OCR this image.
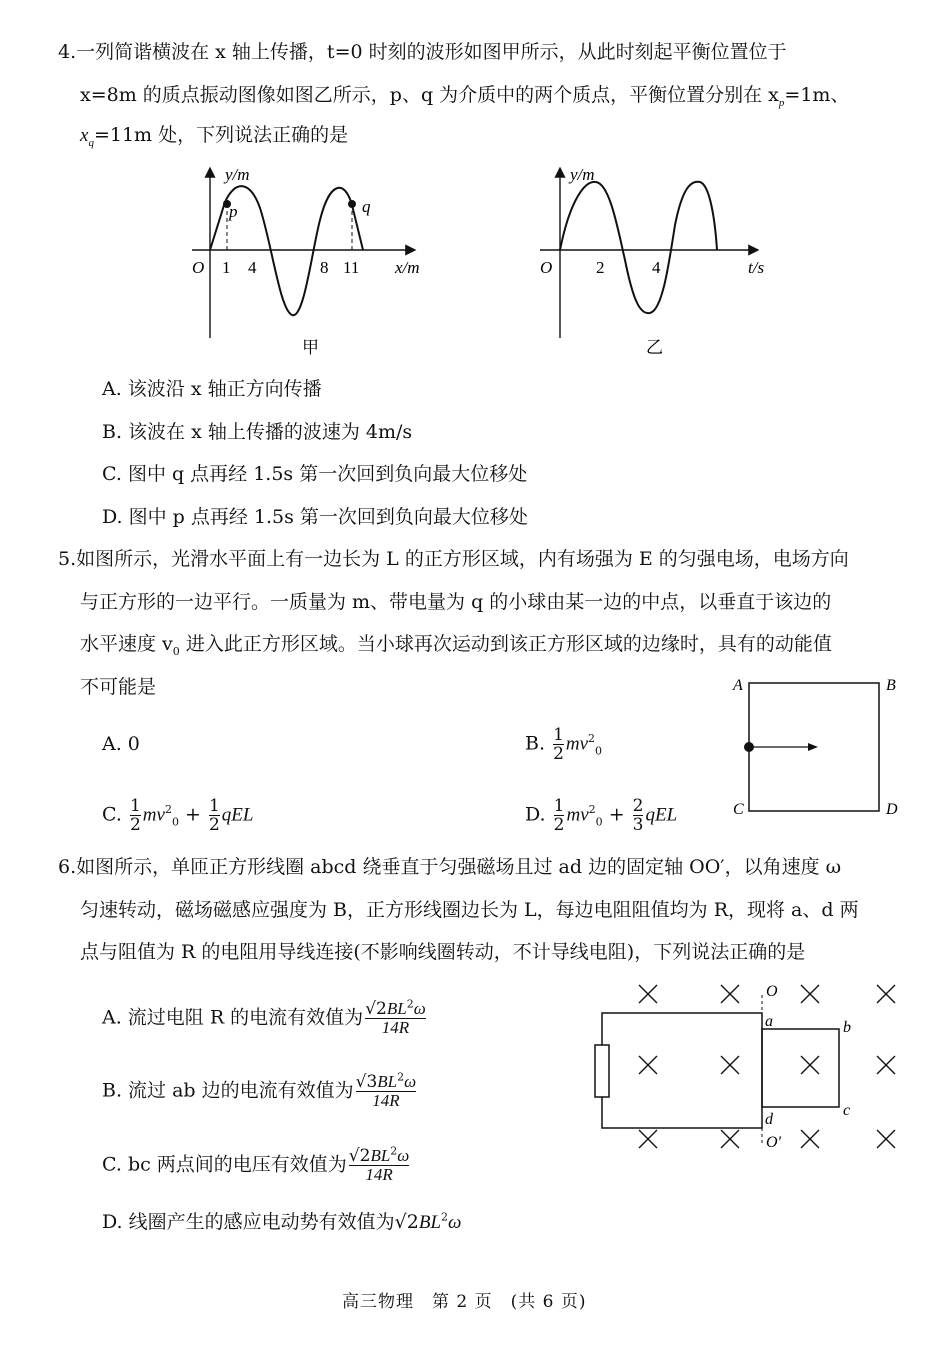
4.一列简谐横波在 x 轴上传播，t=0 时刻的波形如图甲所示，从此时刻起平衡位置位于
x=8m 的质点振动图像如图乙所示，p、q 为介质中的两个质点，平衡位置分别在 $x_p=1m$、
$x_q=11m$ 处，下列说法正确的是
y/m
x/m
O 1 4	8 11
p	q
甲
y/m
t/s
O	2	4
乙
A. 该波沿 x 轴正方向传播
B. 该波在 x 轴上传播的波速为 4m/s
C. 图中 q 点再经 1.5s 第一次回到负向最大位移处
D. 图中 p 点再经 1.5s 第一次回到负向最大位移处
5.如图所示，光滑水平面上有一边长为 L 的正方形区域，内有场强为 E 的匀强电场，电场方向
与正方形的一边平行。一质量为 m、带电量为 q 的小球由某一边的中点，以垂直于该边的
水平速度 $v_0$ 进入此正方形区域。当小球再次运动到该正方形区域的边缘时，具有的动能值
不可能是
A. 0	B. $\frac{1}{2} mv^2_0$
C. $\frac{1}{2} mv^2_0 + \frac{1}{2}$ qEL	D. $\frac{1}{2} mv^2_0 + \frac{2}{3}$ qEL
A	B
C	D
6.如图所示，单匝正方形线圈 abcd 绕垂直于匀强磁场且过 ad 边的固定轴 OO′，以角速度 ω
匀速转动，磁场磁感应强度为 B，正方形线圈边长为 L，每边电阻阻值均为 R，现将 a、d 两
点与阻值为 R 的电阻用导线连接(不影响线圈转动，不计导线电阻)，下列说法正确的是
A. 流过电阻 R 的电流有效值为 $\frac{√2BL^2\omega}{14R}$
B. 流过 ab 边的电流有效值为 $\frac{√3BL^2\omega}{14R}$
C. bc 两点间的电压有效值为 $\frac{√2BL^2\omega}{14R}$
D. 线圈产生的感应电动势有效值为$√2BL^2\omega$
O
a	b
c
d
O′
高三物理　第 2 页　(共 6 页)
